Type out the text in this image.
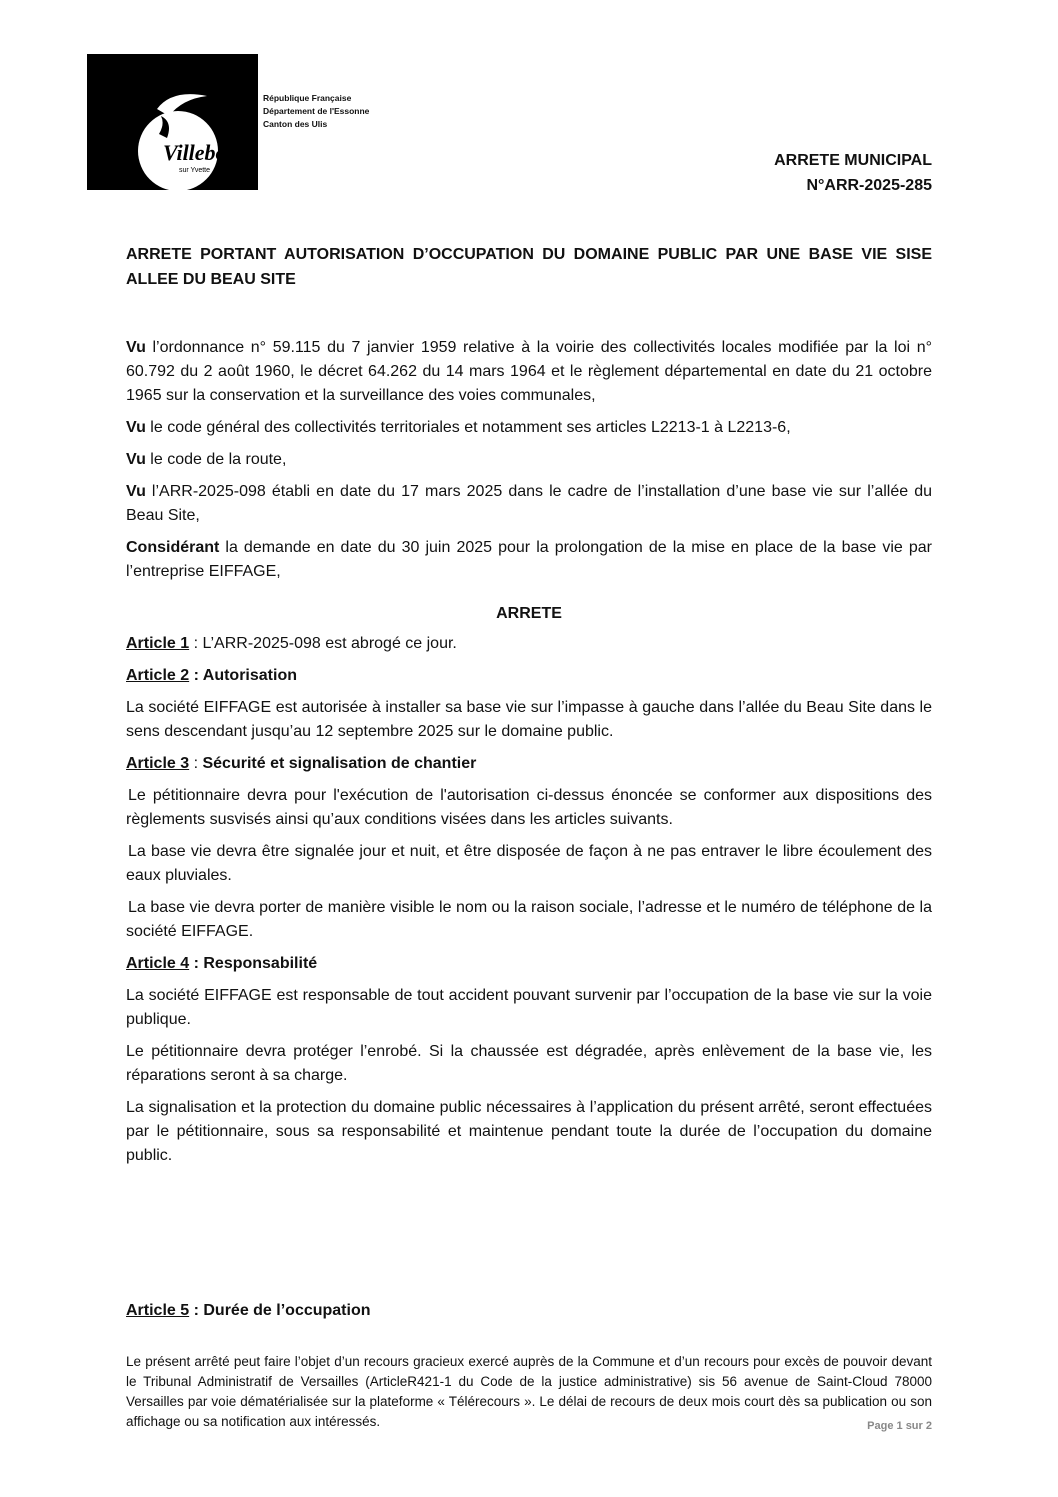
Villebon
sur Yvette
République Française
Département de l'Essonne
Canton des Ulis
ARRETE MUNICIPAL
N°ARR-2025-285
ARRETE PORTANT AUTORISATION D’OCCUPATION DU DOMAINE PUBLIC PAR UNE BASE VIE SISE ALLEE DU BEAU SITE

Vu l’ordonnance n° 59.115 du 7 janvier 1959 relative à la voirie des collectivités locales modifiée par la loi n° 60.792 du 2 août 1960, le décret 64.262 du 14 mars 1964 et le règlement départemental en date du 21 octobre 1965 sur la conservation et la surveillance des voies communales,

Vu le code général des collectivités territoriales et notamment ses articles L2213-1 à L2213-6,

Vu le code de la route,

Vu l’ARR-2025-098 établi en date du 17 mars 2025 dans le cadre de l’installation d’une base vie sur l’allée du Beau Site,

Considérant la demande en date du 30 juin 2025 pour la prolongation de la mise en place de la base vie par l’entreprise EIFFAGE,

ARRETE

Article 1 : L’ARR-2025-098 est abrogé ce jour.

Article 2 : Autorisation

La société EIFFAGE est autorisée à installer sa base vie sur l’impasse à gauche dans l’allée du Beau Site dans le sens descendant jusqu’au 12 septembre 2025 sur le domaine public.

Article 3 : Sécurité et signalisation de chantier

Le pétitionnaire devra pour l'exécution de l'autorisation ci-dessus énoncée se conformer aux dispositions des règlements susvisés ainsi qu’aux conditions visées dans les articles suivants.

La base vie devra être signalée jour et nuit, et être disposée de façon à ne pas entraver le libre écoulement des eaux pluviales.

La base vie devra porter de manière visible le nom ou la raison sociale, l’adresse et le numéro de téléphone de la société EIFFAGE.

Article 4 : Responsabilité

La société EIFFAGE est responsable de tout accident pouvant survenir par l’occupation de la base vie sur la voie publique.

Le pétitionnaire devra protéger l’enrobé. Si la chaussée est dégradée, après enlèvement de la base vie, les réparations seront à sa charge.

La signalisation et la protection du domaine public nécessaires à l’application du présent arrêté, seront effectuées par le pétitionnaire, sous sa responsabilité et maintenue pendant toute la durée de l’occupation du domaine public.

Article 5 : Durée de l’occupation
Le présent arrêté peut faire l’objet d’un recours gracieux exercé auprès de la Commune et d’un recours pour excès de pouvoir devant le Tribunal Administratif de Versailles (ArticleR421-1 du Code de la justice administrative) sis 56 avenue de Saint-Cloud 78000 Versailles par voie dématérialisée sur la plateforme « Télérecours ». Le délai de recours de deux mois court dès sa publication ou son affichage ou sa notification aux intéressés.	Page 1 sur 2
